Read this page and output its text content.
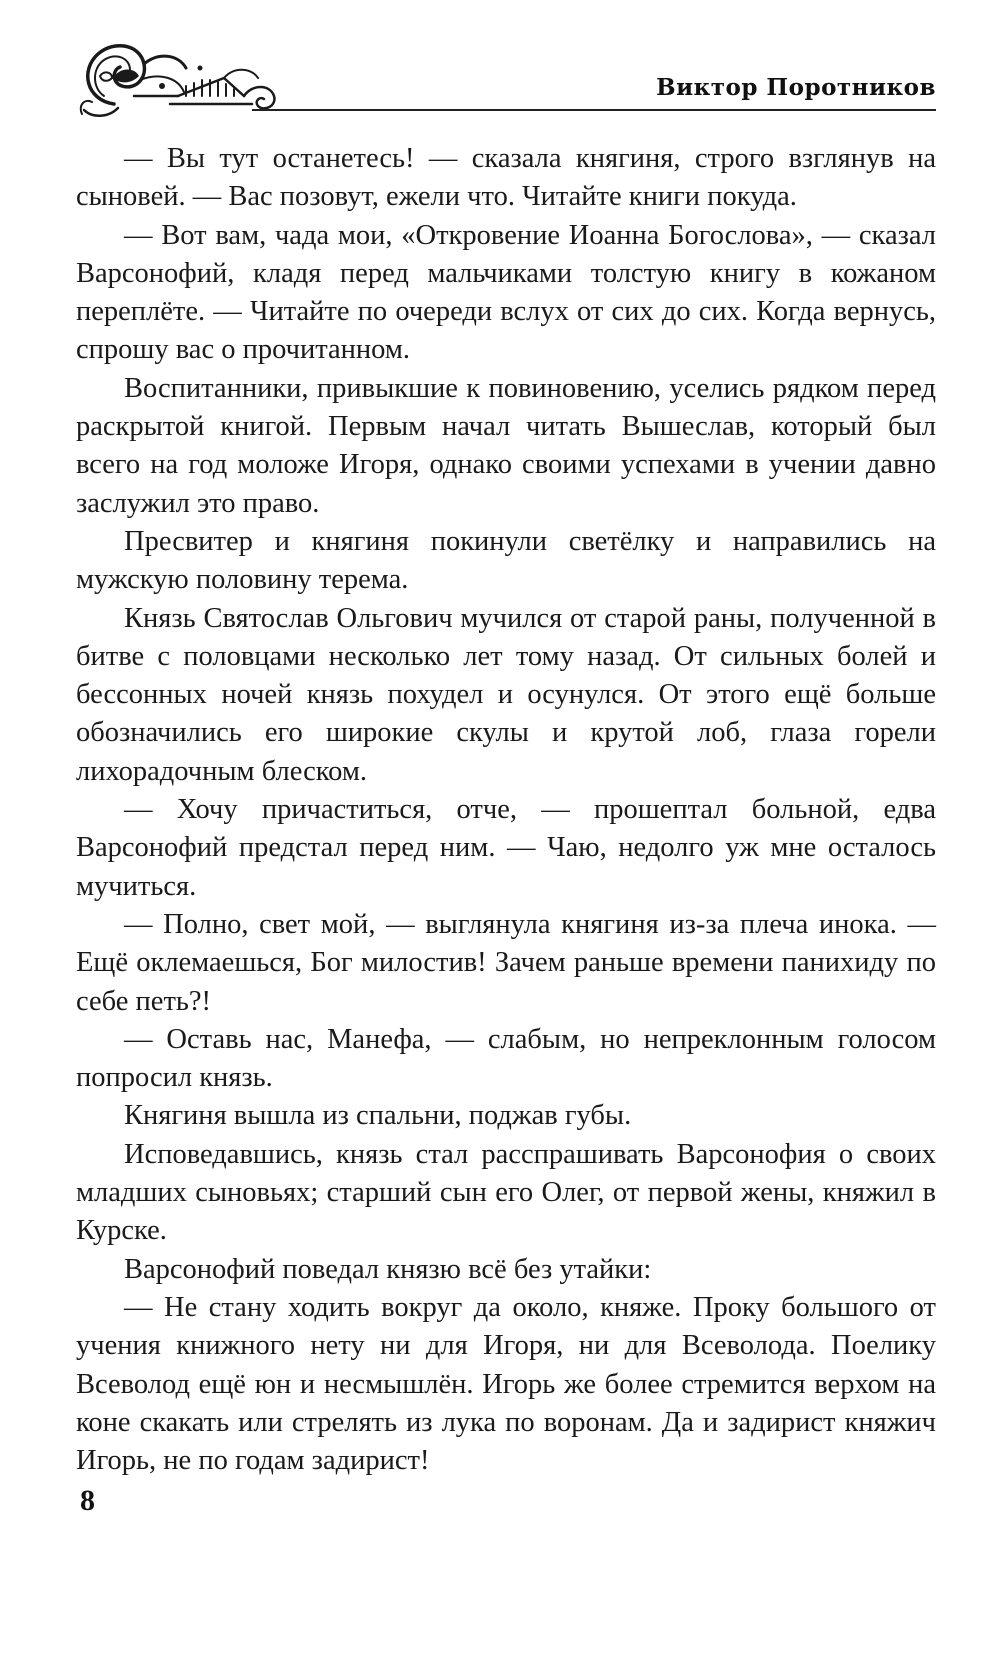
Виктор Поротников

— Вы тут останетесь! — сказала княгиня, строго взглянув на сыновей. — Вас позовут, ежели что. Читайте книги покуда.

— Вот вам, чада мои, «Откровение Иоанна Богослова», — сказал Варсонофий, кладя перед мальчиками толстую книгу в кожаном переплёте. — Читайте по очереди вслух от сих до сих. Когда вернусь, спрошу вас о прочитанном.

Воспитанники, привыкшие к повиновению, уселись рядком перед раскрытой книгой. Первым начал читать Вышеслав, который был всего на год моложе Игоря, однако своими успехами в учении давно заслужил это право.

Пресвитер и княгиня покинули светёлку и направились на мужскую половину терема.

Князь Святослав Ольгович мучился от старой раны, полученной в битве с половцами несколько лет тому назад. От сильных болей и бессонных ночей князь похудел и осунулся. От этого ещё больше обозначились его широкие скулы и крутой лоб, глаза горели лихорадочным блеском.

— Хочу причаститься, отче, — прошептал больной, едва Варсонофий предстал перед ним. — Чаю, недолго уж мне осталось мучиться.

— Полно, свет мой, — выглянула княгиня из-за плеча инока. — Ещё оклемаешься, Бог милостив! Зачем раньше времени панихиду по себе петь?!

— Оставь нас, Манефа, — слабым, но непреклонным голосом попросил князь.

Княгиня вышла из спальни, поджав губы.

Исповедавшись, князь стал расспрашивать Варсонофия о своих младших сыновьях; старший сын его Олег, от первой жены, княжил в Курске.

Варсонофий поведал князю всё без утайки:

— Не стану ходить вокруг да около, княже. Проку большого от учения книжного нету ни для Игоря, ни для Всеволода. Поелику Всеволод ещё юн и несмышлён. Игорь же более стремится верхом на коне скакать или стрелять из лука по воронам. Да и задирист княжич Игорь, не по годам задирист!

8
